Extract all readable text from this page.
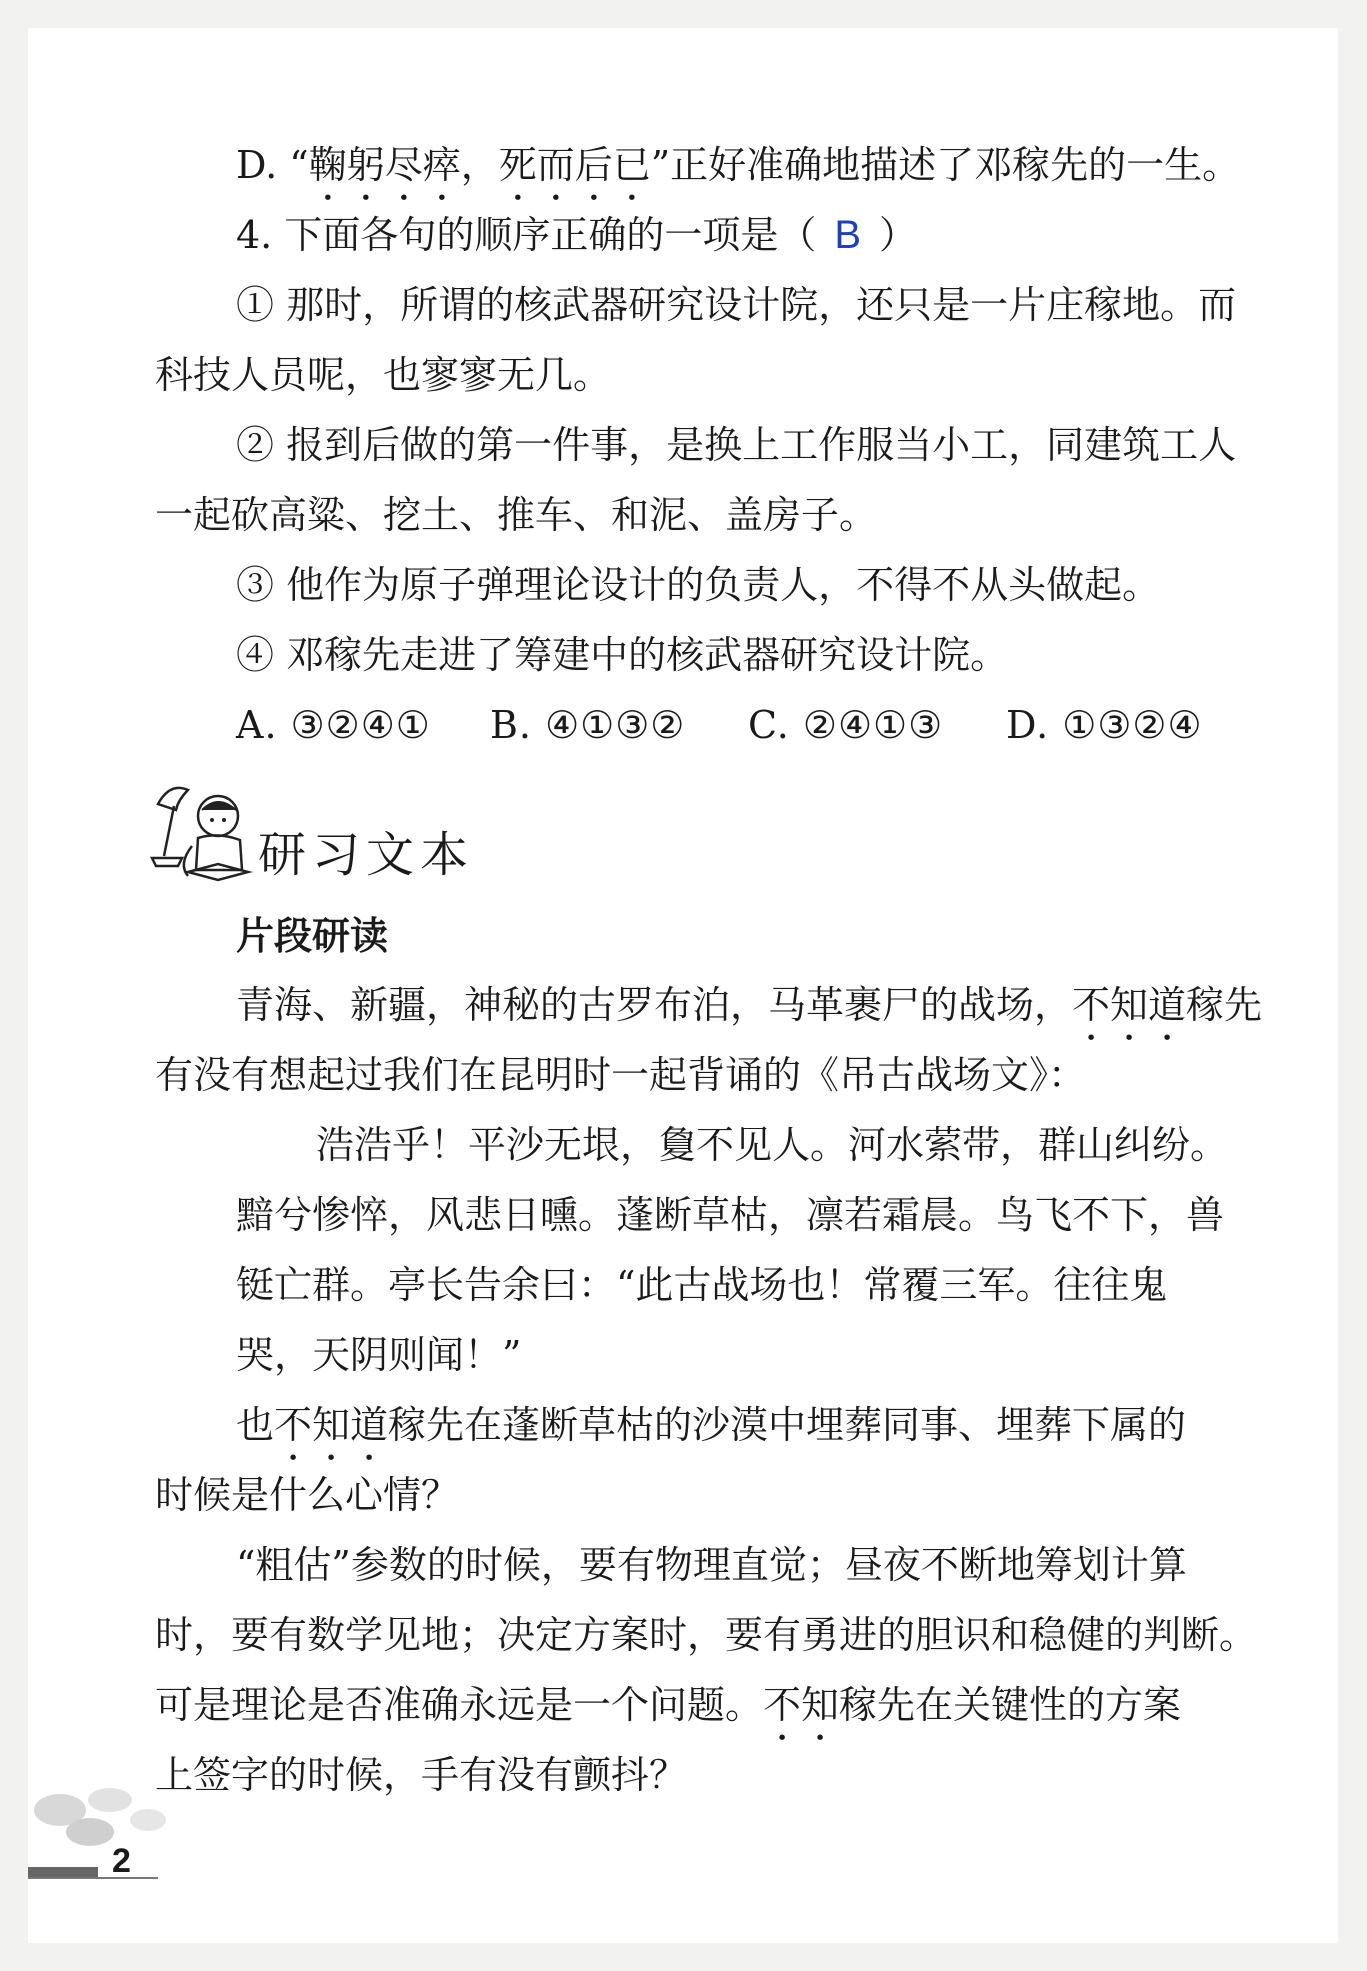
D. “鞠躬尽瘁，死而后已”正好准确地描述了邓稼先的一生。
4. 下面各句的顺序正确的一项是（ B ）
① 那时，所谓的核武器研究设计院，还只是一片庄稼地。而
科技人员呢，也寥寥无几。
② 报到后做的第一件事，是换上工作服当小工，同建筑工人
一起砍高粱、挖土、推车、和泥、盖房子。
③ 他作为原子弹理论设计的负责人，不得不从头做起。
④ 邓稼先走进了筹建中的核武器研究设计院。
A. ③②④① B. ④①③② C. ②④①③ D. ①③②④
研习文本
片段研读
青海、新疆，神秘的古罗布泊，马革裹尸的战场，不知道稼先
有没有想起过我们在昆明时一起背诵的《吊古战场文》：
浩浩乎！平沙无垠，敻不见人。河水萦带，群山纠纷。
黯兮惨悴，风悲日曛。蓬断草枯，凛若霜晨。鸟飞不下，兽
铤亡群。亭长告余曰：“此古战场也！常覆三军。往往鬼
哭，天阴则闻！”
也不知道稼先在蓬断草枯的沙漠中埋葬同事、埋葬下属的
时候是什么心情？
“粗估”参数的时候，要有物理直觉；昼夜不断地筹划计算
时，要有数学见地；决定方案时，要有勇进的胆识和稳健的判断。
可是理论是否准确永远是一个问题。不知稼先在关键性的方案
上签字的时候，手有没有颤抖？
2
